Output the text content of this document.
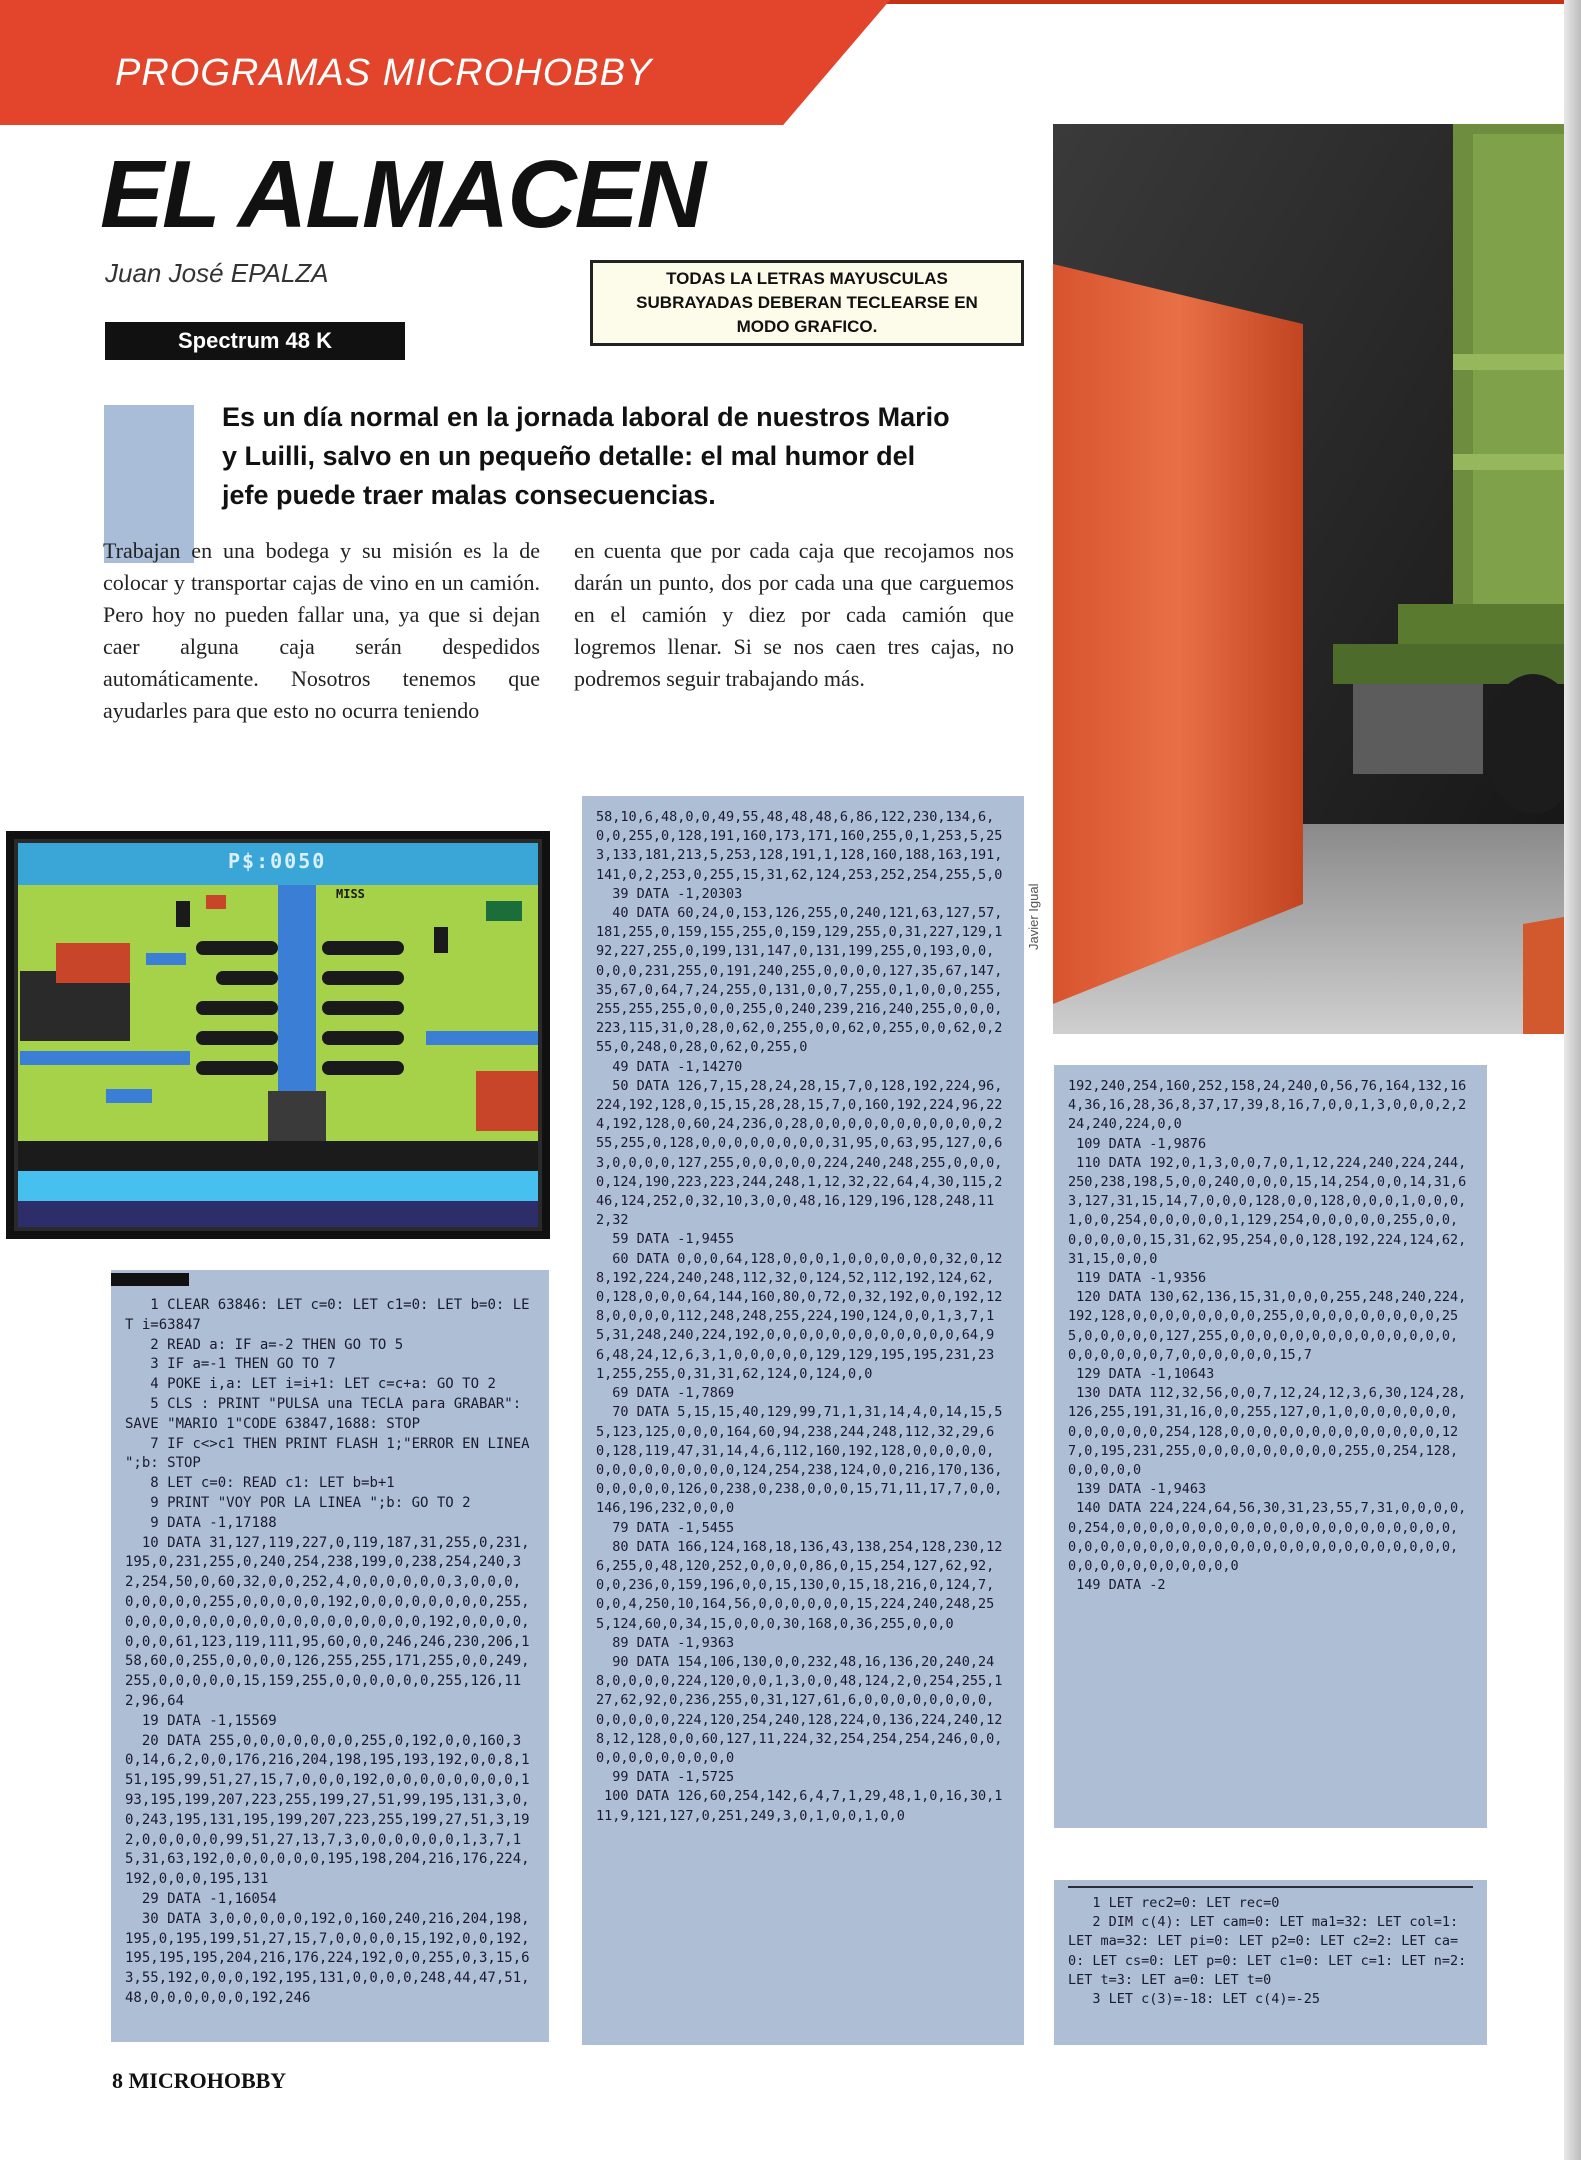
PROGRAMAS MICROHOBBY
EL ALMACEN
Juan José EPALZA	TODAS LA LETRAS MAYUSCULAS SUBRAYADAS DEBERAN TECLEARSE EN MODO GRAFICO.
Spectrum 48 K
Es un día normal en la jornada laboral de nuestros Mario y Luilli, salvo en un pequeño detalle: el mal humor del jefe puede traer malas consecuencias.
Trabajan en una bodega y su misión es la de colocar y transportar cajas de vino en un camión. Pero hoy no pueden fallar una, ya que si dejan caer alguna caja serán despedidos automáticamente. Nosotros tenemos que ayudarles para que esto no ocurra teniendo
en cuenta que por cada caja que recojamos nos darán un punto, dos por cada una que carguemos en el camión y diez por cada camión que logremos llenar. Si se nos caen tres cajas, no podremos seguir trabajando más.
Javier Igual
P$:0050
MISS
1 CLEAR 63846: LET c=0: LET c1=0: LET b=0: LET i=63847
2 READ a: IF a=-2 THEN GO TO 5
3 IF a=-1 THEN GO TO 7
4 POKE i,a: LET i=i+1: LET c=c+a: GO TO 2
5 CLS : PRINT "PULSA una TECLA para GRABAR": SAVE "MARIO 1"CODE 63847,1688: STOP
7 IF c<>c1 THEN PRINT FLASH 1;"ERROR EN LINEA ";b: STOP
8 LET c=0: READ c1: LET b=b+1
9 PRINT "VOY POR LA LINEA ";b: GO TO 2
9 DATA -1,17188
10 DATA 31,127,119,227,0,119,187,31,255,0,231,195,0,231,255,0,240,254,238,199,0,238,254,240,32,254,50,0,60,32,0,0,252,4,0,0,0,0,0,0,3,0,0,0,0,0,0,0,0,255,0,0,0,0,0,192,0,0,0,0,0,0,0,0,255,0,0,0,0,0,0,0,0,0,0,0,0,0,0,0,0,0,0,192,0,0,0,0,0,0,0,61,123,119,111,95,60,0,0,246,246,230,206,158,60,0,255,0,0,0,0,126,255,255,171,255,0,0,249,255,0,0,0,0,0,15,159,255,0,0,0,0,0,0,255,126,112,96,64
19 DATA -1,15569
20 DATA 255,0,0,0,0,0,0,0,255,0,192,0,0,160,30,14,6,2,0,0,176,216,204,198,195,193,192,0,0,8,151,195,99,51,27,15,7,0,0,0,192,0,0,0,0,0,0,0,0,193,195,199,207,223,255,199,27,51,99,195,131,3,0,0,243,195,131,195,199,207,223,255,199,27,51,3,192,0,0,0,0,0,99,51,27,13,7,3,0,0,0,0,0,0,1,3,7,15,31,63,192,0,0,0,0,0,0,195,198,204,216,176,224,192,0,0,0,195,131
29 DATA -1,16054
30 DATA 3,0,0,0,0,0,192,0,160,240,216,204,198,195,0,195,199,51,27,15,7,0,0,0,0,15,192,0,0,192,195,195,195,204,216,176,224,192,0,0,255,0,3,15,63,55,192,0,0,0,192,195,131,0,0,0,0,248,44,47,51,48,0,0,0,0,0,0,192,246
58,10,6,48,0,0,49,55,48,48,48,6,86,122,230,134,6,0,0,255,0,128,191,160,173,171,160,255,0,1,253,5,253,133,181,213,5,253,128,191,1,128,160,188,163,191,141,0,2,253,0,255,15,31,62,124,253,252,254,255,5,0
39 DATA -1,20303
40 DATA 60,24,0,153,126,255,0,240,121,63,127,57,181,255,0,159,155,255,0,159,129,255,0,31,227,129,192,227,255,0,199,131,147,0,131,199,255,0,193,0,0,0,0,0,231,255,0,191,240,255,0,0,0,0,127,35,67,147,35,67,0,64,7,24,255,0,131,0,0,7,255,0,1,0,0,0,255,255,255,255,0,0,0,255,0,240,239,216,240,255,0,0,0,223,115,31,0,28,0,62,0,255,0,0,62,0,255,0,0,62,0,255,0,248,0,28,0,62,0,255,0
49 DATA -1,14270
50 DATA 126,7,15,28,24,28,15,7,0,128,192,224,96,224,192,128,0,15,15,28,28,15,7,0,160,192,224,96,224,192,128,0,60,24,236,0,28,0,0,0,0,0,0,0,0,0,0,0,255,255,0,128,0,0,0,0,0,0,0,0,31,95,0,63,95,127,0,63,0,0,0,0,127,255,0,0,0,0,0,224,240,248,255,0,0,0,0,124,190,223,223,244,248,1,12,32,22,64,4,30,115,246,124,252,0,32,10,3,0,0,48,16,129,196,128,248,112,32
59 DATA -1,9455
60 DATA 0,0,0,64,128,0,0,0,1,0,0,0,0,0,0,32,0,128,192,224,240,248,112,32,0,124,52,112,192,124,62,0,128,0,0,0,64,144,160,80,0,72,0,32,192,0,0,192,128,0,0,0,0,112,248,248,255,224,190,124,0,0,1,3,7,15,31,248,240,224,192,0,0,0,0,0,0,0,0,0,0,0,0,64,96,48,24,12,6,3,1,0,0,0,0,0,129,129,195,195,231,231,255,255,0,31,31,62,124,0,124,0,0
69 DATA -1,7869
70 DATA 5,15,15,40,129,99,71,1,31,14,4,0,14,15,55,123,125,0,0,0,164,60,94,238,244,248,112,32,29,60,128,119,47,31,14,4,6,112,160,192,128,0,0,0,0,0,0,0,0,0,0,0,0,0,0,124,254,238,124,0,0,216,170,136,0,0,0,0,0,126,0,238,0,238,0,0,0,15,71,11,17,7,0,0,146,196,232,0,0,0
79 DATA -1,5455
80 DATA 166,124,168,18,136,43,138,254,128,230,126,255,0,48,120,252,0,0,0,0,86,0,15,254,127,62,92,0,0,236,0,159,196,0,0,15,130,0,15,18,216,0,124,7,0,0,4,250,10,164,56,0,0,0,0,0,0,15,224,240,248,255,124,60,0,34,15,0,0,0,30,168,0,36,255,0,0,0
89 DATA -1,9363
90 DATA 154,106,130,0,0,232,48,16,136,20,240,248,0,0,0,0,224,120,0,0,1,3,0,0,48,124,2,0,254,255,127,62,92,0,236,255,0,31,127,61,6,0,0,0,0,0,0,0,0,0,0,0,0,0,224,120,254,240,128,224,0,136,224,240,128,12,128,0,0,60,127,11,224,32,254,254,254,246,0,0,0,0,0,0,0,0,0,0,0
99 DATA -1,5725
100 DATA 126,60,254,142,6,4,7,1,29,48,1,0,16,30,111,9,121,127,0,251,249,3,0,1,0,0,1,0,0
192,240,254,160,252,158,24,240,0,56,76,164,132,164,36,16,28,36,8,37,17,39,8,16,7,0,0,1,3,0,0,0,2,224,240,224,0,0
109 DATA -1,9876
110 DATA 192,0,1,3,0,0,7,0,1,12,224,240,224,244,250,238,198,5,0,0,240,0,0,0,15,14,254,0,0,14,31,63,127,31,15,14,7,0,0,0,128,0,0,128,0,0,0,1,0,0,0,1,0,0,254,0,0,0,0,0,1,129,254,0,0,0,0,0,255,0,0,0,0,0,0,0,15,31,62,95,254,0,0,128,192,224,124,62,31,15,0,0,0
119 DATA -1,9356
120 DATA 130,62,136,15,31,0,0,0,255,248,240,224,192,128,0,0,0,0,0,0,0,0,255,0,0,0,0,0,0,0,0,0,255,0,0,0,0,0,127,255,0,0,0,0,0,0,0,0,0,0,0,0,0,0,0,0,0,0,0,0,7,0,0,0,0,0,0,15,7
129 DATA -1,10643
130 DATA 112,32,56,0,0,7,12,24,12,3,6,30,124,28,126,255,191,31,16,0,0,255,127,0,1,0,0,0,0,0,0,0,0,0,0,0,0,0,254,128,0,0,0,0,0,0,0,0,0,0,0,0,0,127,0,195,231,255,0,0,0,0,0,0,0,0,0,255,0,254,128,0,0,0,0,0
139 DATA -1,9463
140 DATA 224,224,64,56,30,31,23,55,7,31,0,0,0,0,0,254,0,0,0,0,0,0,0,0,0,0,0,0,0,0,0,0,0,0,0,0,0,0,0,0,0,0,0,0,0,0,0,0,0,0,0,0,0,0,0,0,0,0,0,0,0,0,0,0,0,0,0,0,0,0,0,0
149 DATA -2
1 LET rec2=0: LET rec=0
2 DIM c(4): LET cam=0: LET ma1=32: LET col=1: LET ma=32: LET pi=0: LET p2=0: LET c2=2: LET ca=0: LET cs=0: LET p=0: LET c1=0: LET c=1: LET n=2: LET t=3: LET a=0: LET t=0
3 LET c(3)=-18: LET c(4)=-25
8 MICROHOBBY
